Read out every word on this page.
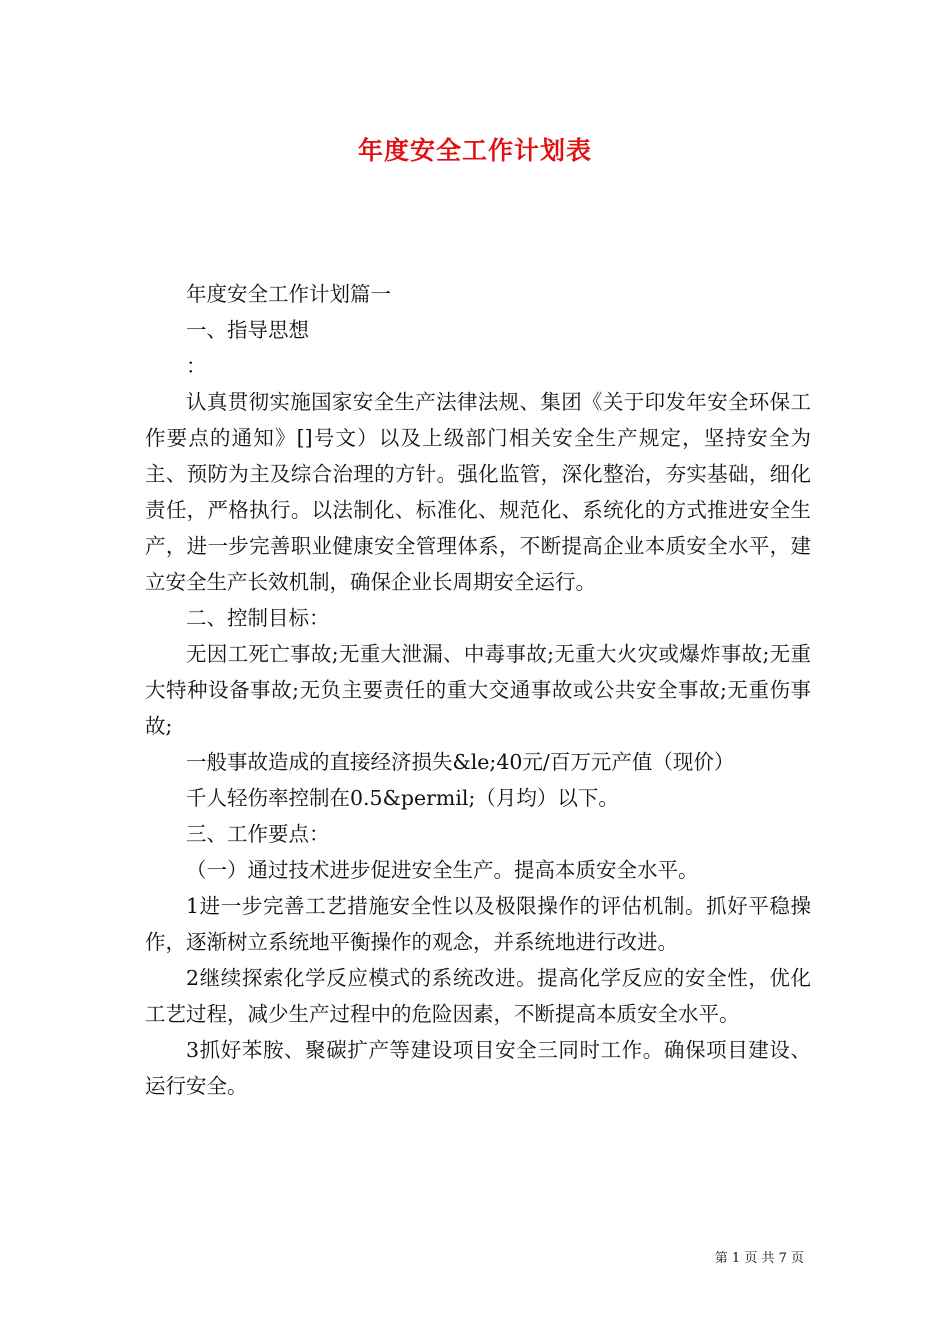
年度安全工作计划表

年度安全工作计划篇一

一、指导思想

：

认真贯彻实施国家安全生产法律法规、集团《关于印发年安全环保工作要点的通知》[]号文）以及上级部门相关安全生产规定，坚持安全为主、预防为主及综合治理的方针。强化监管，深化整治，夯实基础，细化责任，严格执行。以法制化、标准化、规范化、系统化的方式推进安全生产，进一步完善职业健康安全管理体系，不断提高企业本质安全水平，建立安全生产长效机制，确保企业长周期安全运行。

二、控制目标：

无因工死亡事故;无重大泄漏、中毒事故;无重大火灾或爆炸事故;无重大特种设备事故;无负主要责任的重大交通事故或公共安全事故;无重伤事故;

一般事故造成的直接经济损失&le;40元/百万元产值（现价）

千人轻伤率控制在0.5&permil;（月均）以下。

三、工作要点：

（一）通过技术进步促进安全生产。提高本质安全水平。

1进一步完善工艺措施安全性以及极限操作的评估机制。抓好平稳操作，逐渐树立系统地平衡操作的观念，并系统地进行改进。

2继续探索化学反应模式的系统改进。提高化学反应的安全性，优化工艺过程，减少生产过程中的危险因素，不断提高本质安全水平。

3抓好苯胺、聚碳扩产等建设项目安全三同时工作。确保项目建设、运行安全。

第 1 页 共 7 页
